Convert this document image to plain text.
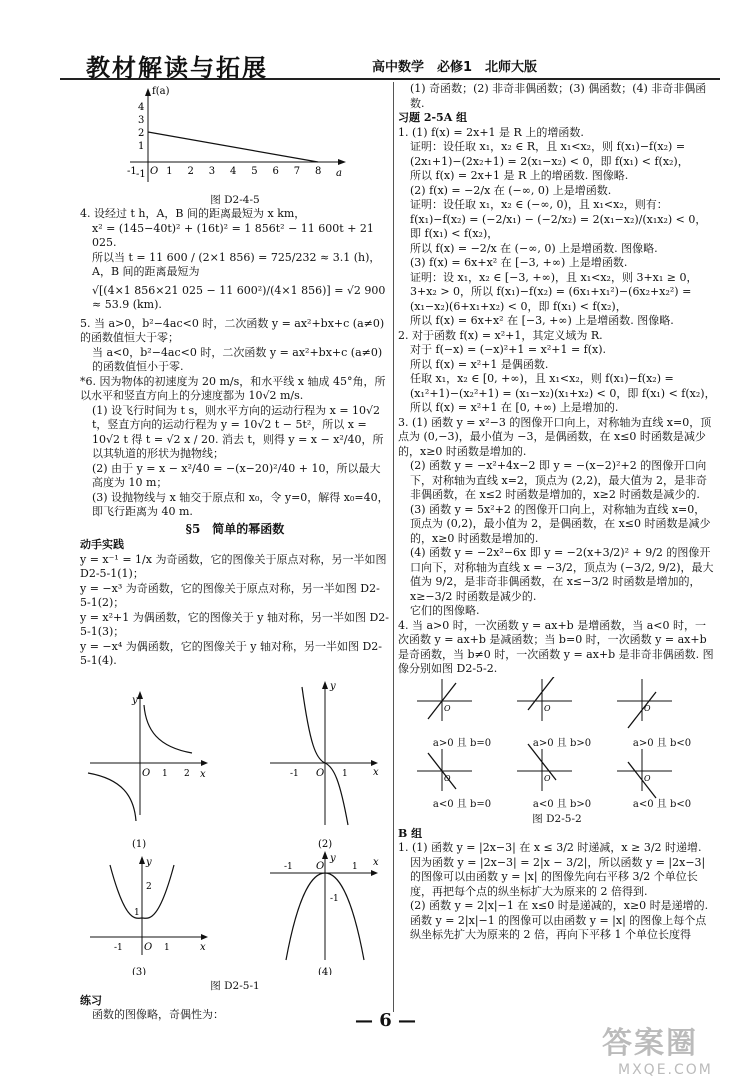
教材解读与拓展	高中数学　必修1　北师大版
f(a)
a
4
3
2
1
-1 O
-1	1 2 3 4 5 6 7 8

图 D2-4-5

4. 设经过 t h，A，B 间的距离最短为 x km，

x² = (145−40t)² + (16t)² = 1 856t² − 11 600t + 21 025.

所以当 t = 11 600 / (2×1 856) = 725/232 ≈ 3.1 (h)，A，B 间的距离最短为

√[(4×1 856×21 025 − 11 600²)/(4×1 856)] = √2 900 ≈ 53.9 (km).

5. 当 a>0，b²−4ac<0 时，二次函数 y = ax²+bx+c (a≠0) 的函数值恒大于零；

当 a<0，b²−4ac<0 时，二次函数 y = ax²+bx+c (a≠0) 的函数值恒小于零.

*6. 因为物体的初速度为 20 m/s，和水平线 x 轴成 45°角，所以水平和竖直方向上的分速度都为 10√2 m/s.

(1) 设飞行时间为 t s，则水平方向的运动行程为 x = 10√2 t，竖直方向的运动行程为 y = 10√2 t − 5t²，所以 x = 10√2 t 得 t = √2 x / 20. 消去 t，则得 y = x − x²/40，所以其轨道的形状为抛物线；

(2) 由于 y = x − x²/40 = −(x−20)²/40 + 10，所以最大高度为 10 m；

(3) 设抛物线与 x 轴交于原点和 x₀，令 y=0，解得 x₀=40，即飞行距离为 40 m.

§5　简单的幂函数

动手实践

y = x⁻¹ = 1/x 为奇函数，它的图像关于原点对称，另一半如图 D2-5-1(1)；

y = −x³ 为奇函数，它的图像关于原点对称，另一半如图 D2-5-1(2)；

y = x²+1 为偶函数，它的图像关于 y 轴对称，另一半如图 D2-5-1(3)；

y = −x⁴ 为偶函数，它的图像关于 y 轴对称，另一半如图 D2-5-1(4).

y
x
O 1 2
(1)
y
x
O
-1	1
(2)
y
x
O
-1	1
1
2
(3)
y	x
O
-1	1
-1
(4)

图 D2-5-1

练习

函数的图像略，奇偶性为：

(1) 奇函数；(2) 非奇非偶函数；(3) 偶函数；(4) 非奇非偶函数.

习题 2-5A 组

1. (1) f(x) = 2x+1 是 R 上的增函数.

证明：设任取 x₁，x₂ ∈ R，且 x₁<x₂，则 f(x₁)−f(x₂) = (2x₁+1)−(2x₂+1) = 2(x₁−x₂) < 0，即 f(x₁) < f(x₂)，

所以 f(x) = 2x+1 是 R 上的增函数. 图像略.

(2) f(x) = −2/x 在 (−∞, 0) 上是增函数.

证明：设任取 x₁，x₂ ∈ (−∞, 0)，且 x₁<x₂，则有：

f(x₁)−f(x₂) = (−2/x₁) − (−2/x₂) = 2(x₁−x₂)/(x₁x₂) < 0，

即 f(x₁) < f(x₂)，

所以 f(x) = −2/x 在 (−∞, 0) 上是增函数. 图像略.

(3) f(x) = 6x+x² 在 [−3, +∞) 上是增函数.

证明：设 x₁，x₂ ∈ [−3, +∞)，且 x₁<x₂，则 3+x₁ ≥ 0，3+x₂ > 0，所以 f(x₁)−f(x₂) = (6x₁+x₁²)−(6x₂+x₂²) = (x₁−x₂)(6+x₁+x₂) < 0，即 f(x₁) < f(x₂)，

所以 f(x) = 6x+x² 在 [−3, +∞) 上是增函数. 图像略.

2. 对于函数 f(x) = x²+1，其定义域为 R.

对于 f(−x) = (−x)²+1 = x²+1 = f(x).

所以 f(x) = x²+1 是偶函数.

任取 x₁，x₂ ∈ [0, +∞)，且 x₁<x₂，则 f(x₁)−f(x₂) = (x₁²+1)−(x₂²+1) = (x₁−x₂)(x₁+x₂) < 0，即 f(x₁) < f(x₂)，

所以 f(x) = x²+1 在 [0, +∞) 上是增加的.

3. (1) 函数 y = x²−3 的图像开口向上，对称轴为直线 x=0，顶点为 (0,−3)，最小值为 −3，是偶函数，在 x≤0 时函数是减少的，x≥0 时函数是增加的.

(2) 函数 y = −x²+4x−2 即 y = −(x−2)²+2 的图像开口向下，对称轴为直线 x=2，顶点为 (2,2)，最大值为 2，是非奇非偶函数，在 x≤2 时函数是增加的，x≥2 时函数是减少的.

(3) 函数 y = 5x²+2 的图像开口向上，对称轴为直线 x=0，顶点为 (0,2)，最小值为 2，是偶函数，在 x≤0 时函数是减少的，x≥0 时函数是增加的.

(4) 函数 y = −2x²−6x 即 y = −2(x+3/2)² + 9/2 的图像开口向下，对称轴为直线 x = −3/2，顶点为 (−3/2, 9/2)，最大值为 9/2，是非奇非偶函数，在 x≤−3/2 时函数是增加的，x≥−3/2 时函数是减少的.

它们的图像略.

4. 当 a>0 时，一次函数 y = ax+b 是增函数，当 a<0 时，一次函数 y = ax+b 是减函数；当 b=0 时，一次函数 y = ax+b 是奇函数，当 b≠0 时，一次函数 y = ax+b 是非奇非偶函数. 图像分别如图 D2-5-2.

O	O	O
O	O	O
a>0 且 b=0	a>0 且 b>0	a>0 且 b<0
a<0 且 b=0	a<0 且 b>0	a<0 且 b<0

图 D2-5-2

B 组

1. (1) 函数 y = |2x−3| 在 x ≤ 3/2 时递减，x ≥ 3/2 时递增.

因为函数 y = |2x−3| = 2|x − 3/2|，所以函数 y = |2x−3| 的图像可以由函数 y = |x| 的图像先向右平移 3/2 个单位长度，再把每个点的纵坐标扩大为原来的 2 倍得到.

(2) 函数 y = 2|x|−1 在 x≤0 时是递减的，x≥0 时是递增的.

函数 y = 2|x|−1 的图像可以由函数 y = |x| 的图像上每个点纵坐标先扩大为原来的 2 倍，再向下平移 1 个单位长度得

— 6 —
答案圈
MXQE.COM
